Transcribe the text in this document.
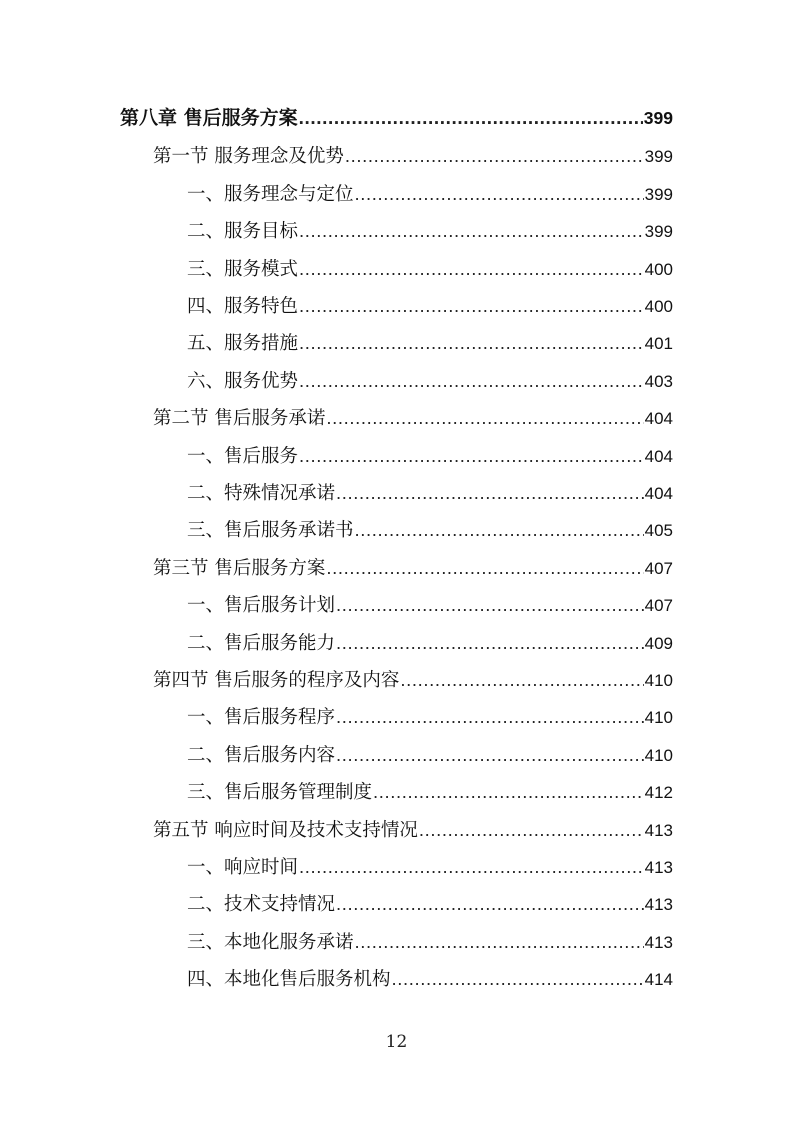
第八章 售后服务方案 .....	399
第一节 服务理念及优势 .....	399
一、服务理念与定位 .....	399
二、服务目标 .....	399
三、服务模式 .....	400
四、服务特色 .....	400
五、服务措施 .....	401
六、服务优势 .....	403
第二节 售后服务承诺 .....	404
一、售后服务 .....	404
二、特殊情况承诺 .....	404
三、售后服务承诺书 .....	405
第三节 售后服务方案 .....	407
一、售后服务计划 .....	407
二、售后服务能力 .....	409
第四节 售后服务的程序及内容 .....	410
一、售后服务程序 .....	410
二、售后服务内容 .....	410
三、售后服务管理制度 .....	412
第五节 响应时间及技术支持情况 .....	413
一、响应时间 .....	413
二、技术支持情况 .....	413
三、本地化服务承诺 .....	413
四、本地化售后服务机构 .....	414
12
